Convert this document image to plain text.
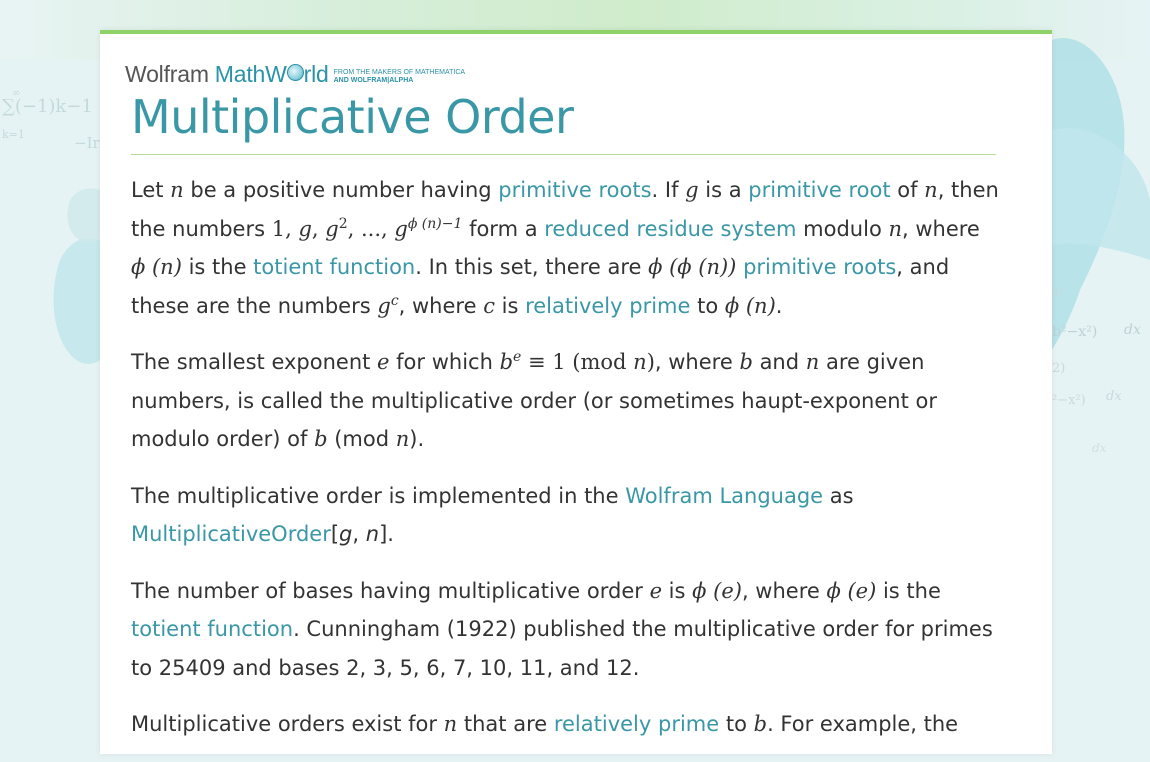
∑(−1)k−1
k=1	−Ir
∞
b²−x²) dx
²−x²) dx
dx
x²
2)
Wolfram MathW rld FROM THE MAKERS OF MATHEMATICA
AND WOLFRAM|ALPHA
Multiplicative Order

Let n be a positive number having primitive roots. If g is a primitive root of n, then the numbers 1, g, $g^2$, ..., $g^{\phi (n)-1}$ form a reduced residue system modulo n, where ϕ (n) is the totient function. In this set, there are ϕ (ϕ (n)) primitive roots, and these are the numbers $g^c$, where c is relatively prime to ϕ (n).

The smallest exponent e for which $b^e \equiv 1$ (mod n), where b and n are given numbers, is called the multiplicative order (or sometimes haupt-exponent or modulo order) of b (mod n).

The multiplicative order is implemented in the Wolfram Language as
MultiplicativeOrder[g, n].

The number of bases having multiplicative order e is ϕ (e), where ϕ (e) is the totient function. Cunningham (1922) published the multiplicative order for primes to 25409 and bases 2, 3, 5, 6, 7, 10, 11, and 12.

Multiplicative orders exist for n that are relatively prime to b. For example, the
